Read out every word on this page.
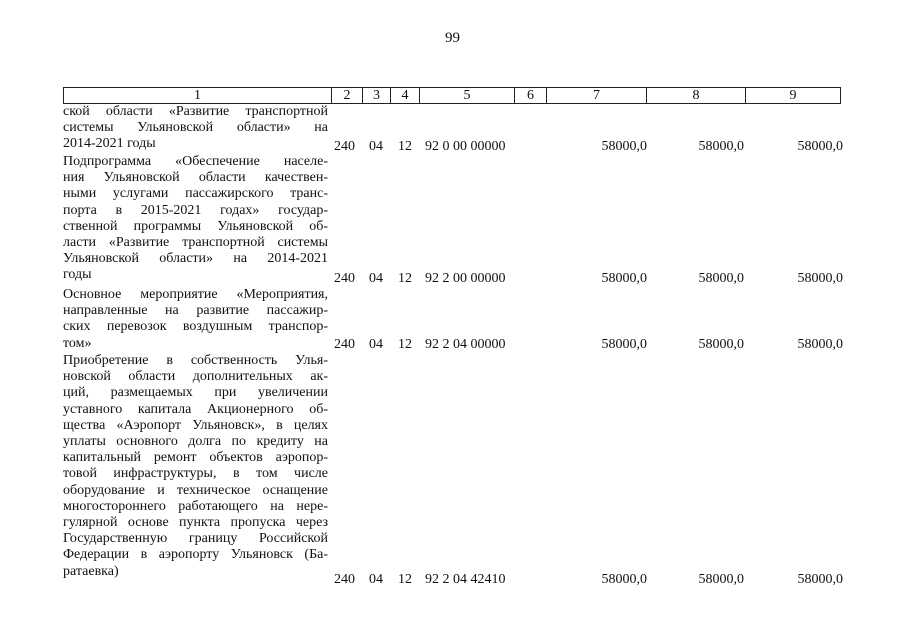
99
1	2	3	4	5	6	7	8	9
ской области «Развитие транспортной
системы Ульяновской области» на
2014-2021 годы	240 04 12 92 0 00 00000	58000,0	58000,0	58000,0
Подпрограмма «Обеспечение населе-
ния Ульяновской области качествен-
ными услугами пассажирского транс-
порта в 2015-2021 годах» государ-
ственной программы Ульяновской об-
ласти «Развитие транспортной системы
Ульяновской области» на 2014-2021
годы	240 04 12 92 2 00 00000	58000,0	58000,0	58000,0
Основное мероприятие «Мероприятия,
направленные на развитие пассажир-
ских перевозок воздушным транспор-
том»	240 04 12 92 2 04 00000	58000,0	58000,0	58000,0
Приобретение в собственность Улья-
новской области дополнительных ак-
ций, размещаемых при увеличении
уставного капитала Акционерного об-
щества «Аэропорт Ульяновск», в целях
уплаты основного долга по кредиту на
капитальный ремонт объектов аэропор-
товой инфраструктуры, в том числе
оборудование и техническое оснащение
многостороннего работающего на нере-
гулярной основе пункта пропуска через
Государственную границу Российской
Федерации в аэропорту Ульяновск (Ба-
ратаевка)
240 04 12 92 2 04 42410	58000,0	58000,0	58000,0
